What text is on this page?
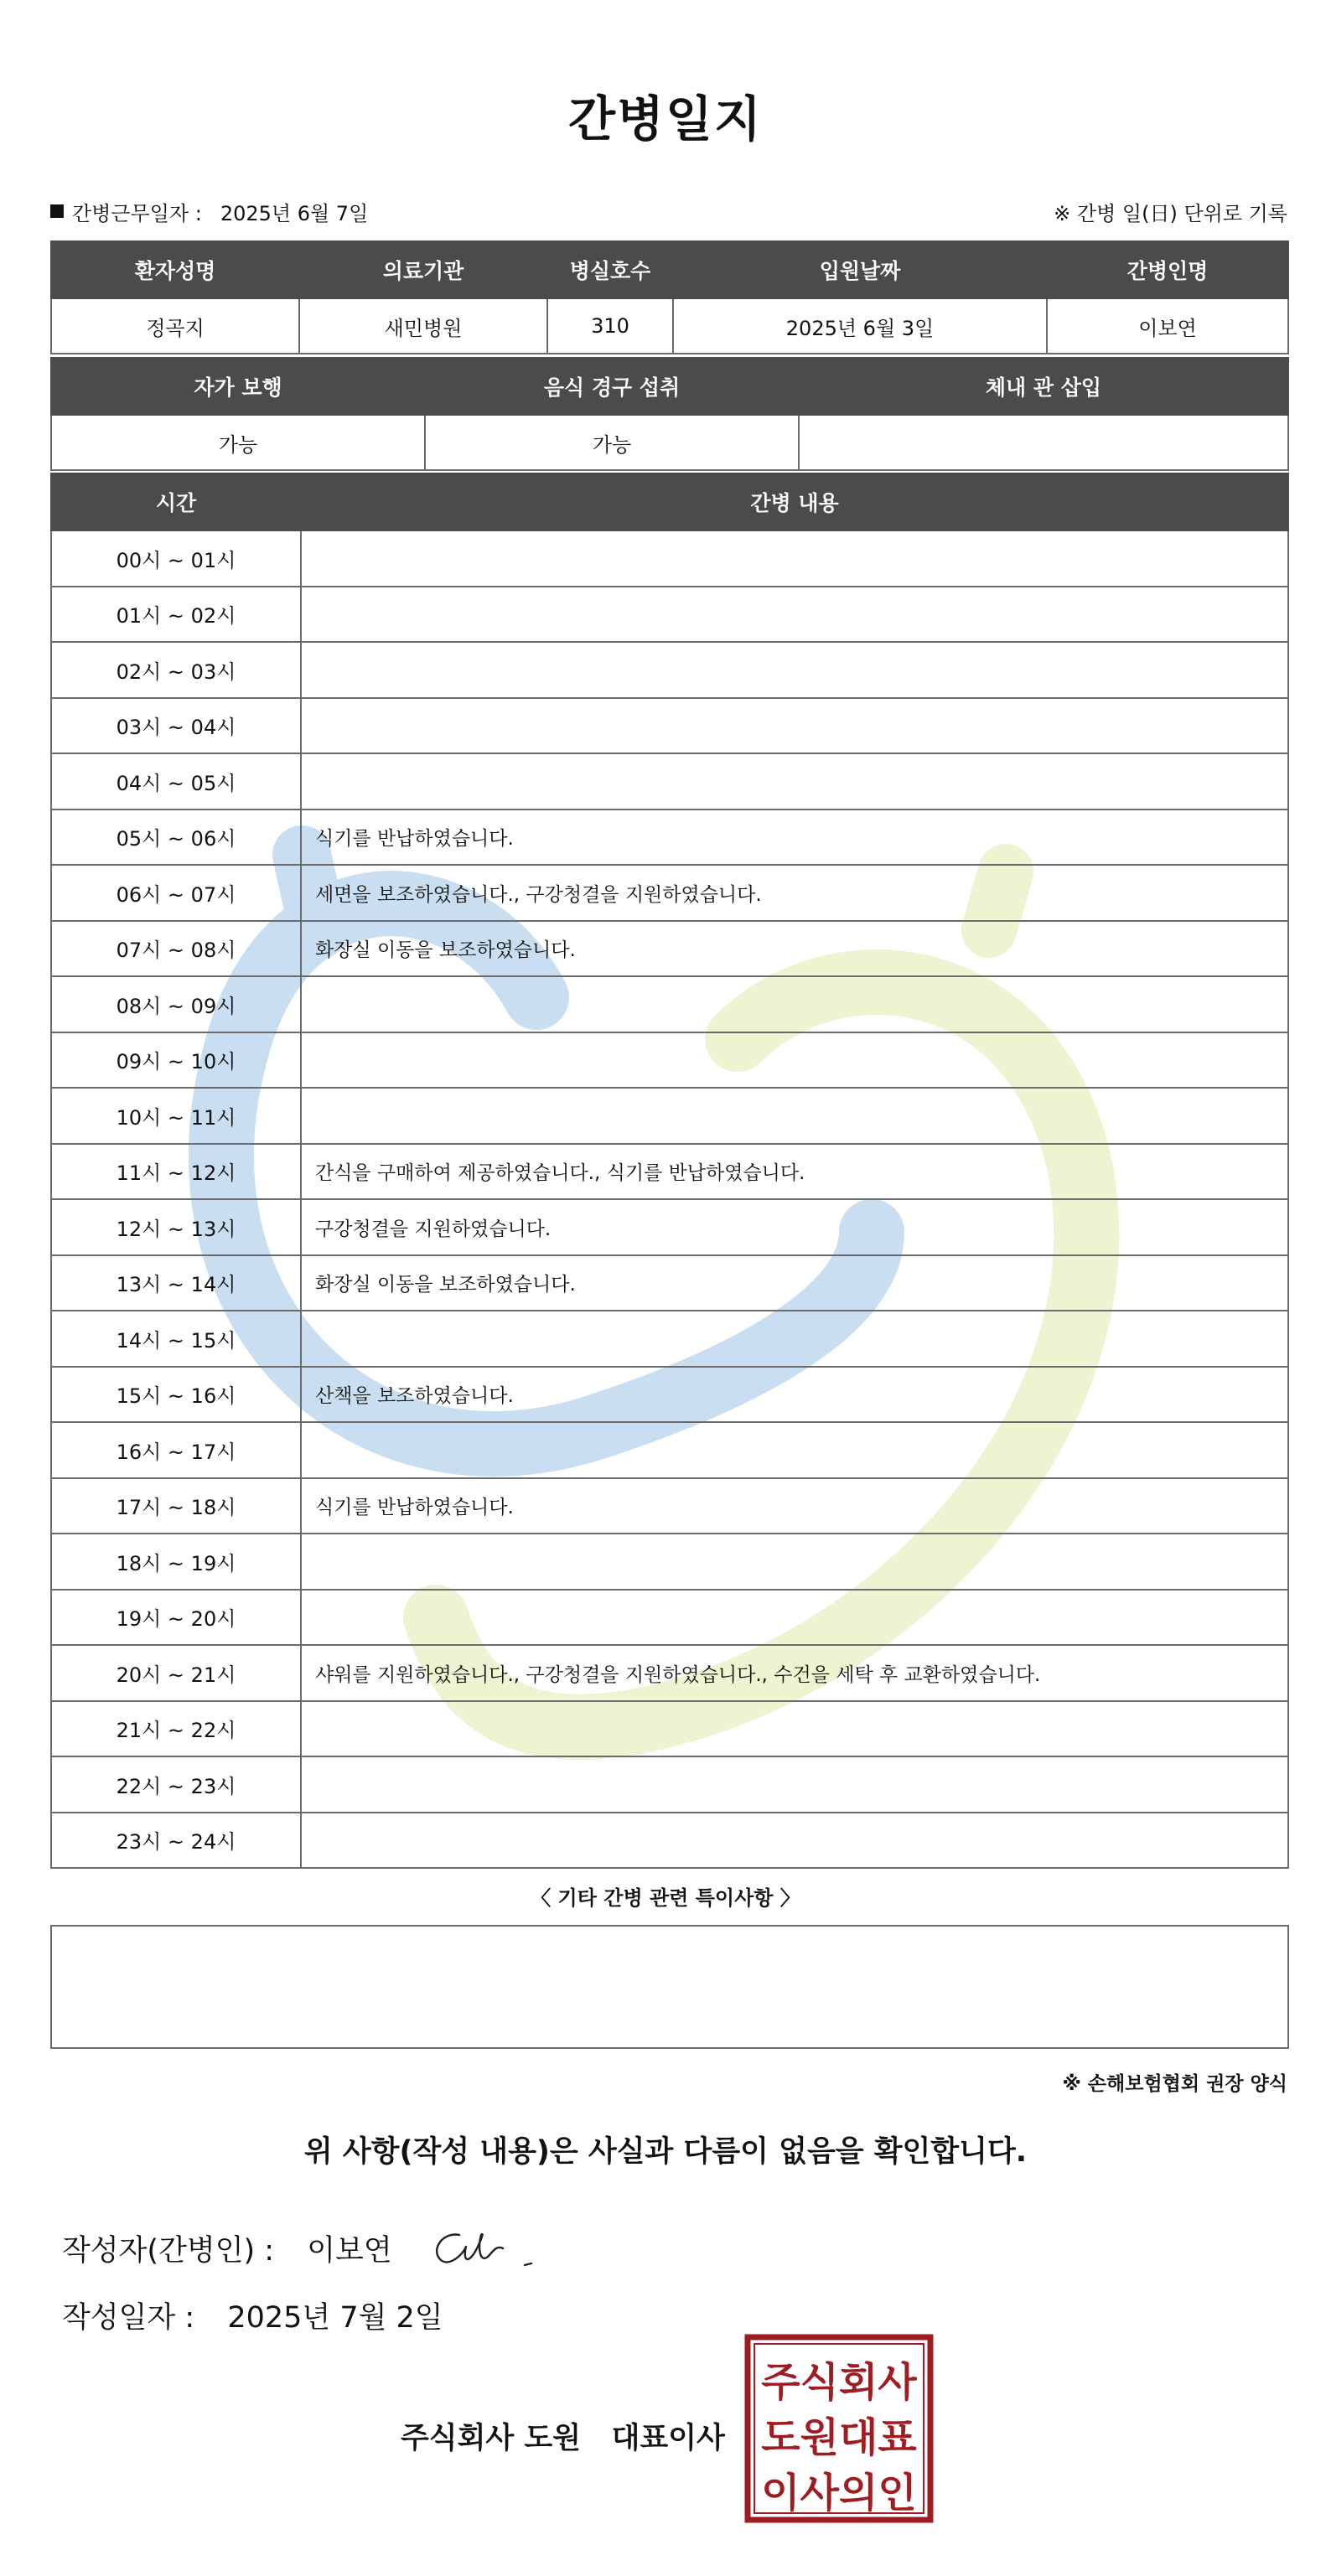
간병일지
간병근무일자 : 2025년 6월 7일	※ 간병 일(日) 단위로 기록
환자성명	의료기관	병실호수	입원날짜	간병인명
정곡지	새민병원	310	2025년 6월 3일	이보연
자가 보행	음식 경구 섭취	체내 관 삽입
가능	가능	
시간	간병 내용
00시 ~ 01시	
01시 ~ 02시	
02시 ~ 03시	
03시 ~ 04시	
04시 ~ 05시	
05시 ~ 06시	식기를 반납하였습니다.
06시 ~ 07시	세면을 보조하였습니다., 구강청결을 지원하였습니다.
07시 ~ 08시	화장실 이동을 보조하였습니다.
08시 ~ 09시	
09시 ~ 10시	
10시 ~ 11시	
11시 ~ 12시	간식을 구매하여 제공하였습니다., 식기를 반납하였습니다.
12시 ~ 13시	구강청결을 지원하였습니다.
13시 ~ 14시	화장실 이동을 보조하였습니다.
14시 ~ 15시	
15시 ~ 16시	산책을 보조하였습니다.
16시 ~ 17시	
17시 ~ 18시	식기를 반납하였습니다.
18시 ~ 19시	
19시 ~ 20시	
20시 ~ 21시	샤워를 지원하였습니다., 구강청결을 지원하였습니다., 수건을 세탁 후 교환하였습니다.
21시 ~ 22시	
22시 ~ 23시	
23시 ~ 24시	
〈 기타 간병 관련 특이사항 〉
※ 손해보험협회 권장 양식
위 사항(작성 내용)은 사실과 다름이 없음을 확인합니다.
작성자(간병인) : 이보연
작성일자 : 2025년 7월 2일
주식회사 도원   대표이사
주식회사
도원대표
이사의인
